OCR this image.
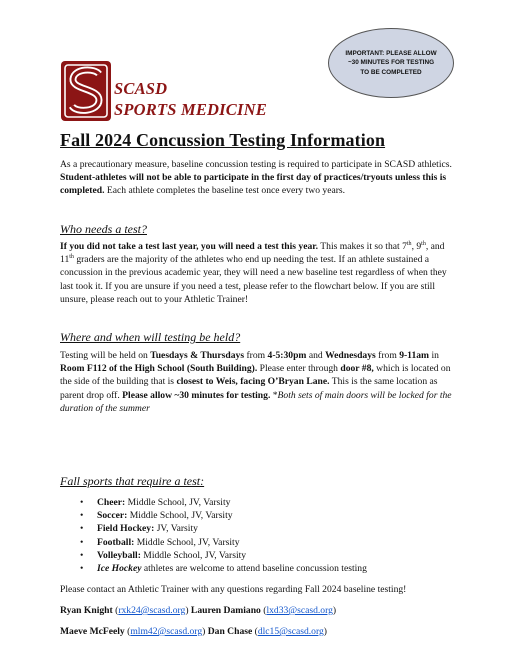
SCASD
SPORTS MEDICINE
IMPORTANT: PLEASE ALLOW ~30 MINUTES FOR TESTING TO BE COMPLETED
Fall 2024 Concussion Testing Information

As a precautionary measure, baseline concussion testing is required to participate in SCASD athletics. Student-athletes will not be able to participate in the first day of practices/tryouts unless this is completed. Each athlete completes the baseline test once every two years.

Who needs a test?

If you did not take a test last year, you will need a test this year. This makes it so that 7th, 9th, and 11th graders are the majority of the athletes who end up needing the test. If an athlete sustained a concussion in the previous academic year, they will need a new baseline test regardless of when they last took it. If you are unsure if you need a test, please refer to the flowchart below. If you are still unsure, please reach out to your Athletic Trainer!

Where and when will testing be held?

Testing will be held on Tuesdays & Thursdays from 4-5:30pm and Wednesdays from 9-11am in Room F112 of the High School (South Building). Please enter through door #8, which is located on the side of the building that is closest to Weis, facing O’Bryan Lane. This is the same location as parent drop off. Please allow ~30 minutes for testing. *Both sets of main doors will be locked for the duration of the summer

Fall sports that require a test:
• Cheer: Middle School, JV, Varsity
• Soccer: Middle School, JV, Varsity
• Field Hockey: JV, Varsity
• Football: Middle School, JV, Varsity
• Volleyball: Middle School, JV, Varsity
• Ice Hockey athletes are welcome to attend baseline concussion testing
Please contact an Athletic Trainer with any questions regarding Fall 2024 baseline testing!
Ryan Knight (rxk24@scasd.org) Lauren Damiano (lxd33@scasd.org)
Maeve McFeely (mlm42@scasd.org) Dan Chase (dlc15@scasd.org)
